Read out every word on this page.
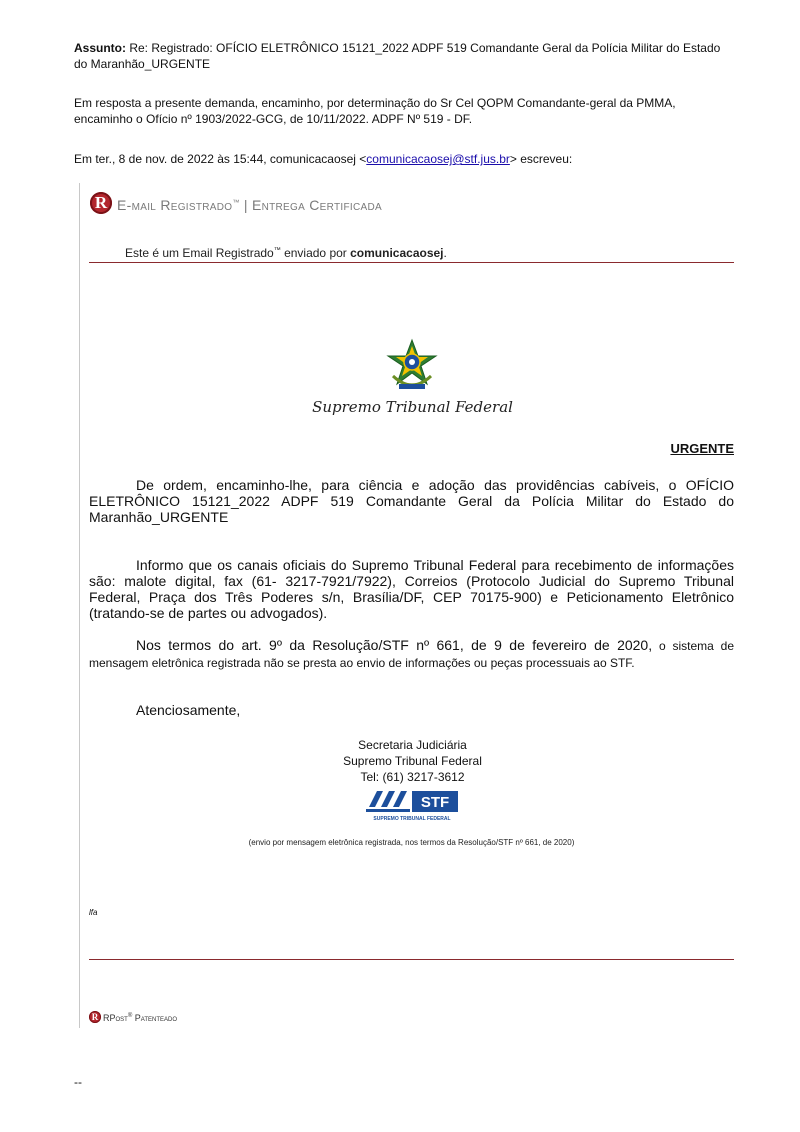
Assunto: Re: Registrado: OFÍCIO ELETRÔNICO 15121_2022 ADPF 519 Comandante Geral da Polícia Militar do Estado do Maranhão_URGENTE
Em resposta a presente demanda, encaminho, por determinação do Sr Cel QOPM Comandante-geral da PMMA, encaminho o Ofício nº 1903/2022-GCG, de 10/11/2022. ADPF Nº 519 - DF.
Em ter., 8 de nov. de 2022 às 15:44, comunicacaosej <comunicacaosej@stf.jus.br> escreveu:
R E-mail Registrado™ | Entrega Certificada
Este é um Email Registrado™ enviado por comunicacaosej.
Supremo Tribunal Federal
URGENTE
De ordem, encaminho-lhe, para ciência e adoção das providências cabíveis, o OFÍCIO ELETRÔNICO 15121_2022 ADPF 519 Comandante Geral da Polícia Militar do Estado do Maranhão_URGENTE
Informo que os canais oficiais do Supremo Tribunal Federal para recebimento de informações são: malote digital, fax (61- 3217-7921/7922), Correios (Protocolo Judicial do Supremo Tribunal Federal, Praça dos Três Poderes s/n, Brasília/DF, CEP 70175-900) e Peticionamento Eletrônico (tratando-se de partes ou advogados).
Nos termos do art. 9º da Resolução/STF nº 661, de 9 de fevereiro de 2020, o sistema de mensagem eletrônica registrada não se presta ao envio de informações ou peças processuais ao STF.
Atenciosamente,
Secretaria Judiciária
Supremo Tribunal Federal
Tel: (61) 3217-3612
STF
SUPREMO TRIBUNAL FEDERAL
(envio por mensagem eletrônica registrada, nos termos da Resolução/STF nº 661, de 2020)
lfa
R RPost® Patenteado
--
